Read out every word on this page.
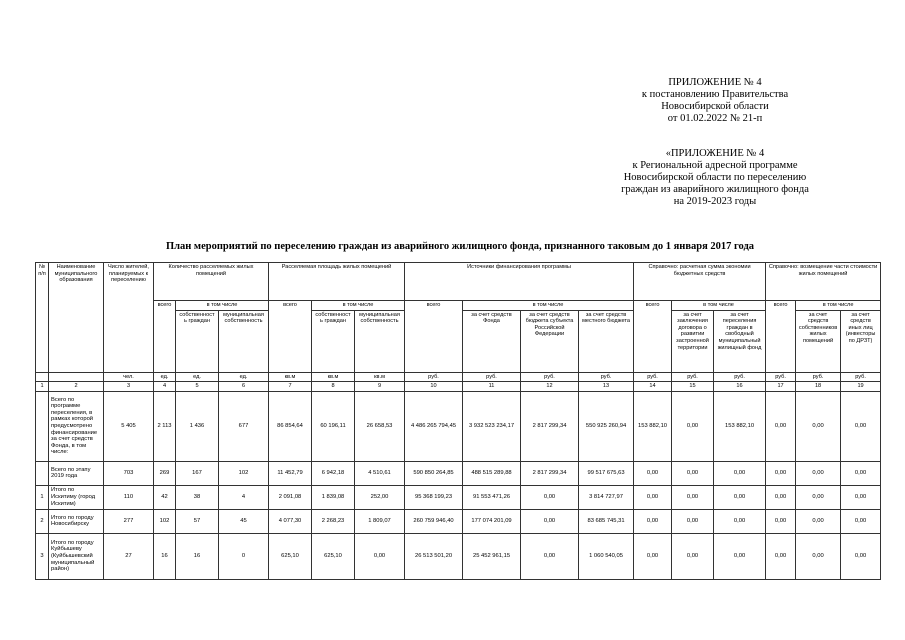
ПРИЛОЖЕНИЕ № 4
к постановлению Правительства
Новосибирской области
от 01.02.2022 № 21-п
«ПРИЛОЖЕНИЕ № 4
к Региональной адресной программе
Новосибирской области по переселению
граждан из аварийного жилищного фонда
на 2019-2023 годы
План мероприятий по переселению граждан из аварийного жилищного фонда, признанного таковым до 1 января 2017 года
№ п/п	Наименование муниципального образования	Число жителей, планируемых к переселению	Количество расселяемых жилых помещений			Расселяемая площадь жилых помещений			Источники финансирования программы				Справочно: расчетная сумма экономии бюджетных средств			Справочно: возмещение части стоимости жилых помещений		
			всего	в том числе		всего	в том числе		всего	в том числе			всего	в том числе		всего	в том числе	
				собственность граждан	муниципальная собственность		собственность граждан	муниципальная собственность		за счет средств Фонда	за счет средств бюджета субъекта Российской Федерации	за счет средств местного бюджета		за счет заключения договора о развитии застроенной территории	за счет переселения граждан в свободный муниципальный жилищный фонд		за счет средств собственников жилых помещений	за счет средств иных лиц (инвесторы по ДРЗТ)
		чел.	ед.	ед.	ед.	кв.м	кв.м	кв.м	руб.	руб.	руб.	руб.	руб.	руб.	руб.	руб.	руб.	руб.
1	2	3	4	5	6	7	8	9	10	11	12	13	14	15	16	17	18	19
	Всего по программе переселения, в рамках которой предусмотрено финансирование за счет средств Фонда, в том числе:	5 405	2 113	1 436	677	86 854,64	60 196,11	26 658,53	4 486 265 794,45	3 932 523 234,17	2 817 299,34	550 925 260,94	153 882,10	0,00	153 882,10	0,00	0,00	0,00
	Всего по этапу 2019 года	703	269	167	102	11 452,79	6 942,18	4 510,61	590 850 264,85	488 515 289,88	2 817 299,34	99 517 675,63	0,00	0,00	0,00	0,00	0,00	0,00
1	Итого по Искитиму (город Искитим)	110	42	38	4	2 091,08	1 839,08	252,00	95 368 199,23	91 553 471,26	0,00	3 814 727,97	0,00	0,00	0,00	0,00	0,00	0,00
2	Итого по городу Новосибирску	277	102	57	45	4 077,30	2 268,23	1 809,07	260 759 946,40	177 074 201,09	0,00	83 685 745,31	0,00	0,00	0,00	0,00	0,00	0,00
3	Итого по городу Куйбышеву (Куйбышевский муниципальный район)	27	16	16	0	625,10	625,10	0,00	26 513 501,20	25 452 961,15	0,00	1 060 540,05	0,00	0,00	0,00	0,00	0,00	0,00
